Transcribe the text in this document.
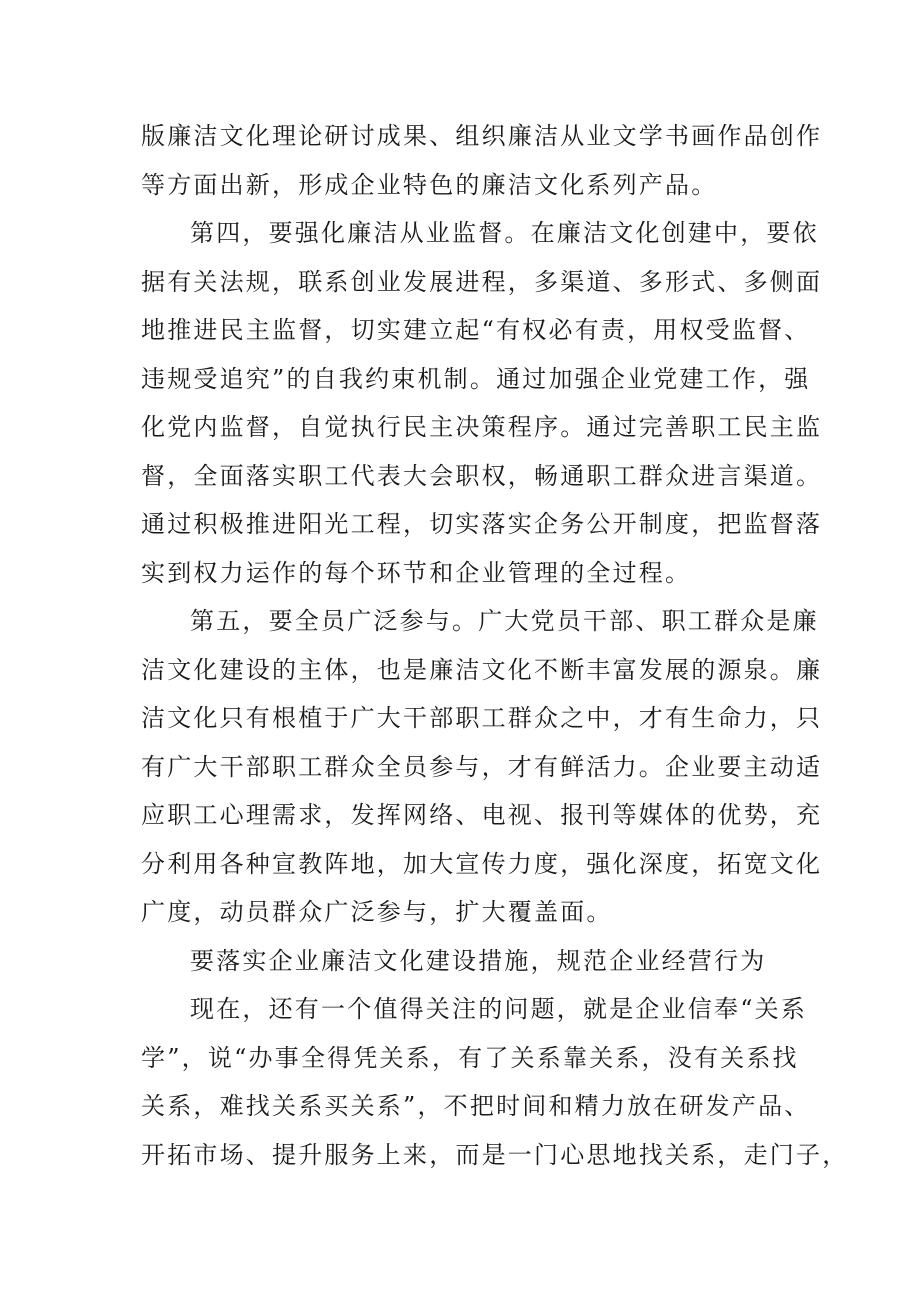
版廉洁文化理论研讨成果、组织廉洁从业文学书画作品创作
等方面出新，形成企业特色的廉洁文化系列产品。
第四，要强化廉洁从业监督。在廉洁文化创建中，要依
据有关法规，联系创业发展进程，多渠道、多形式、多侧面
地推进民主监督，切实建立起“有权必有责，用权受监督、
违规受追究”的自我约束机制。通过加强企业党建工作，强
化党内监督，自觉执行民主决策程序。通过完善职工民主监
督，全面落实职工代表大会职权，畅通职工群众进言渠道。
通过积极推进阳光工程，切实落实企务公开制度，把监督落
实到权力运作的每个环节和企业管理的全过程。
第五，要全员广泛参与。广大党员干部、职工群众是廉
洁文化建设的主体，也是廉洁文化不断丰富发展的源泉。廉
洁文化只有根植于广大干部职工群众之中，才有生命力，只
有广大干部职工群众全员参与，才有鲜活力。企业要主动适
应职工心理需求，发挥网络、电视、报刊等媒体的优势，充
分利用各种宣教阵地，加大宣传力度，强化深度，拓宽文化
广度，动员群众广泛参与，扩大覆盖面。
要落实企业廉洁文化建设措施，规范企业经营行为
现在，还有一个值得关注的问题，就是企业信奉“关系
学”，说“办事全得凭关系，有了关系靠关系，没有关系找
关系，难找关系买关系”，不把时间和精力放在研发产品、
开拓市场、提升服务上来，而是一门心思地找关系，走门子，
